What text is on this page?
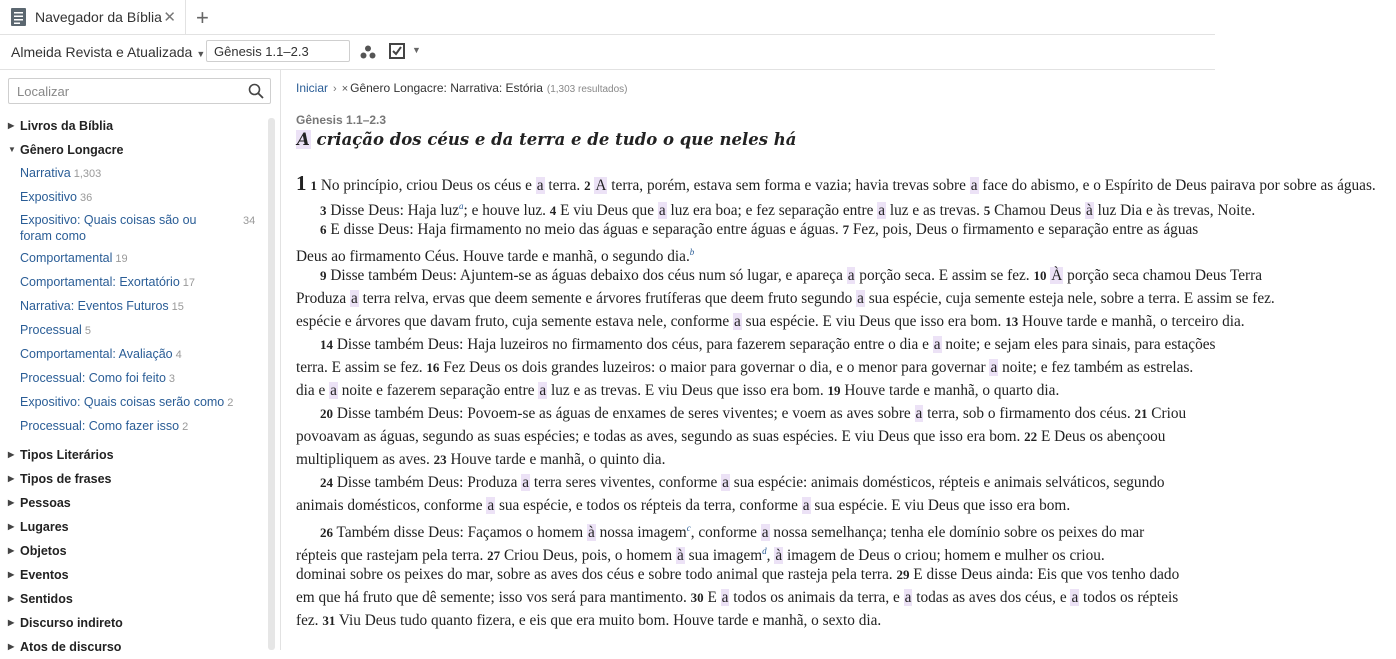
Navegador da Bíblia ✕ +
Almeida Revista e Atualizada ▼ Gênesis 1.1–2.3	▼
Localizar
▶ Livros da Bíblia
▼ Gênero Longacre
Narrativa 1,303
Expositivo 36
Expositivo: Quais coisas são ou foram como
34
Comportamental 19
Comportamental: Exortatório 17
Narrativa: Eventos Futuros 15
Processual 5
Comportamental: Avaliação 4
Processual: Como foi feito 3
Expositivo: Quais coisas serão como 2
Processual: Como fazer isso 2
▶ Tipos Literários
▶ Tipos de frases
▶ Pessoas
▶ Lugares
▶ Objetos
▶ Eventos
▶ Sentidos
▶ Discurso indireto
▶ Atos de discurso
Iniciar › × Gênero Longacre: Narrativa: Estória (1,303 resultados)
Gênesis 1.1–2.3
A criação dos céus e da terra e de tudo o que neles há
1 1 No princípio, criou Deus os céus e a terra. 2 A terra, porém, estava sem forma e vazia; havia trevas sobre a face do abismo, e o Espírito de Deus pairava por sobre as águas.
3 Disse Deus: Haja luz$^a$; e houve luz. 4 E viu Deus que a luz era boa; e fez separação entre a luz e as trevas. 5 Chamou Deus à luz Dia e às trevas, Noite.
6 E disse Deus: Haja firmamento no meio das águas e separação entre águas e águas. 7 Fez, pois, Deus o firmamento e separação entre as águas
Deus ao firmamento Céus. Houve tarde e manhã, o segundo dia.$^b$
9 Disse também Deus: Ajuntem-se as águas debaixo dos céus num só lugar, e apareça a porção seca. E assim se fez. 10 À porção seca chamou Deus Terra
Produza a terra relva, ervas que deem semente e árvores frutíferas que deem fruto segundo a sua espécie, cuja semente esteja nele, sobre a terra. E assim se fez.
espécie e árvores que davam fruto, cuja semente estava nele, conforme a sua espécie. E viu Deus que isso era bom. 13 Houve tarde e manhã, o terceiro dia.
14 Disse também Deus: Haja luzeiros no firmamento dos céus, para fazerem separação entre o dia e a noite; e sejam eles para sinais, para estações
terra. E assim se fez. 16 Fez Deus os dois grandes luzeiros: o maior para governar o dia, e o menor para governar a noite; e fez também as estrelas.
dia e a noite e fazerem separação entre a luz e as trevas. E viu Deus que isso era bom. 19 Houve tarde e manhã, o quarto dia.
20 Disse também Deus: Povoem-se as águas de enxames de seres viventes; e voem as aves sobre a terra, sob o firmamento dos céus. 21 Criou
povoavam as águas, segundo as suas espécies; e todas as aves, segundo as suas espécies. E viu Deus que isso era bom. 22 E Deus os abençoou
multipliquem as aves. 23 Houve tarde e manhã, o quinto dia.
24 Disse também Deus: Produza a terra seres viventes, conforme a sua espécie: animais domésticos, répteis e animais selváticos, segundo
animais domésticos, conforme a sua espécie, e todos os répteis da terra, conforme a sua espécie. E viu Deus que isso era bom.
26 Também disse Deus: Façamos o homem à nossa imagem$^c$, conforme a nossa semelhança; tenha ele domínio sobre os peixes do mar
répteis que rastejam pela terra. 27 Criou Deus, pois, o homem à sua imagem$^d$, à imagem de Deus o criou; homem e mulher os criou.
dominai sobre os peixes do mar, sobre as aves dos céus e sobre todo animal que rasteja pela terra. 29 E disse Deus ainda: Eis que vos tenho dado
em que há fruto que dê semente; isso vos será para mantimento. 30 E a todos os animais da terra, e a todas as aves dos céus, e a todos os répteis
fez. 31 Viu Deus tudo quanto fizera, e eis que era muito bom. Houve tarde e manhã, o sexto dia.
